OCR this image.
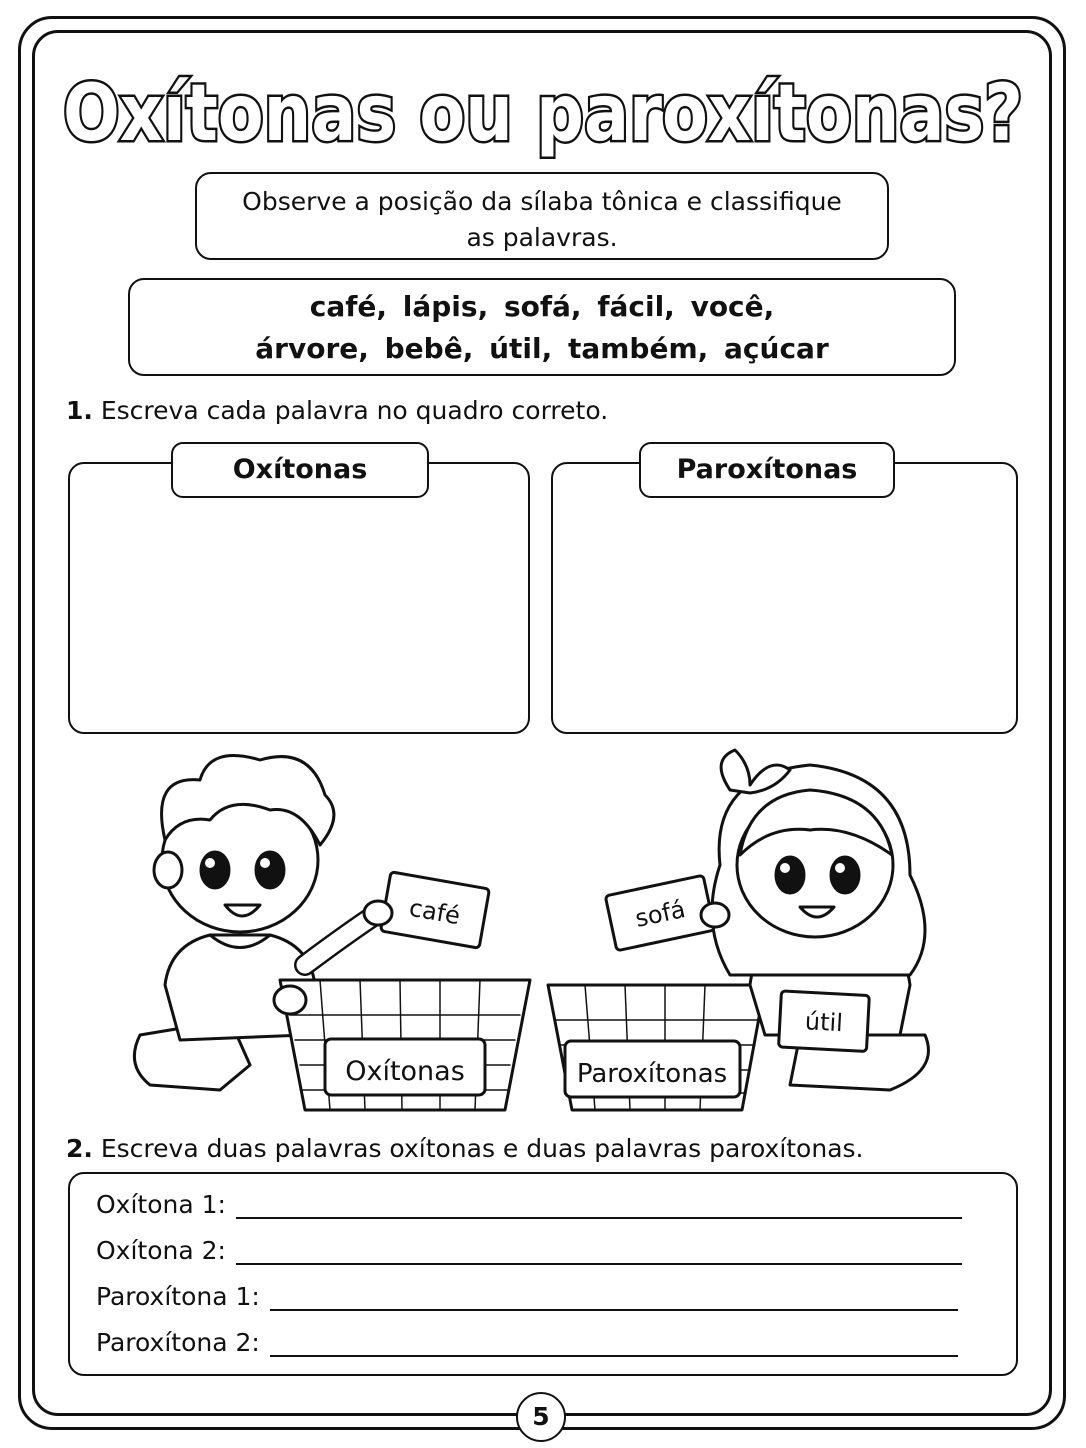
Oxítonas ou paroxítonas?
Observe a posição da sílaba tônica e classifique
as palavras.
café, lápis, sofá, fácil, você,
árvore, bebê, útil, também, açúcar
1. Escreva cada palavra no quadro correto.
Oxítonas	Paroxítonas
café
Oxítonas	Paroxítonas
sofá
útil
2. Escreva duas palavras oxítonas e duas palavras paroxítonas.
Oxítona 1:
Oxítona 2:
Paroxítona 1:
Paroxítona 2:
5
